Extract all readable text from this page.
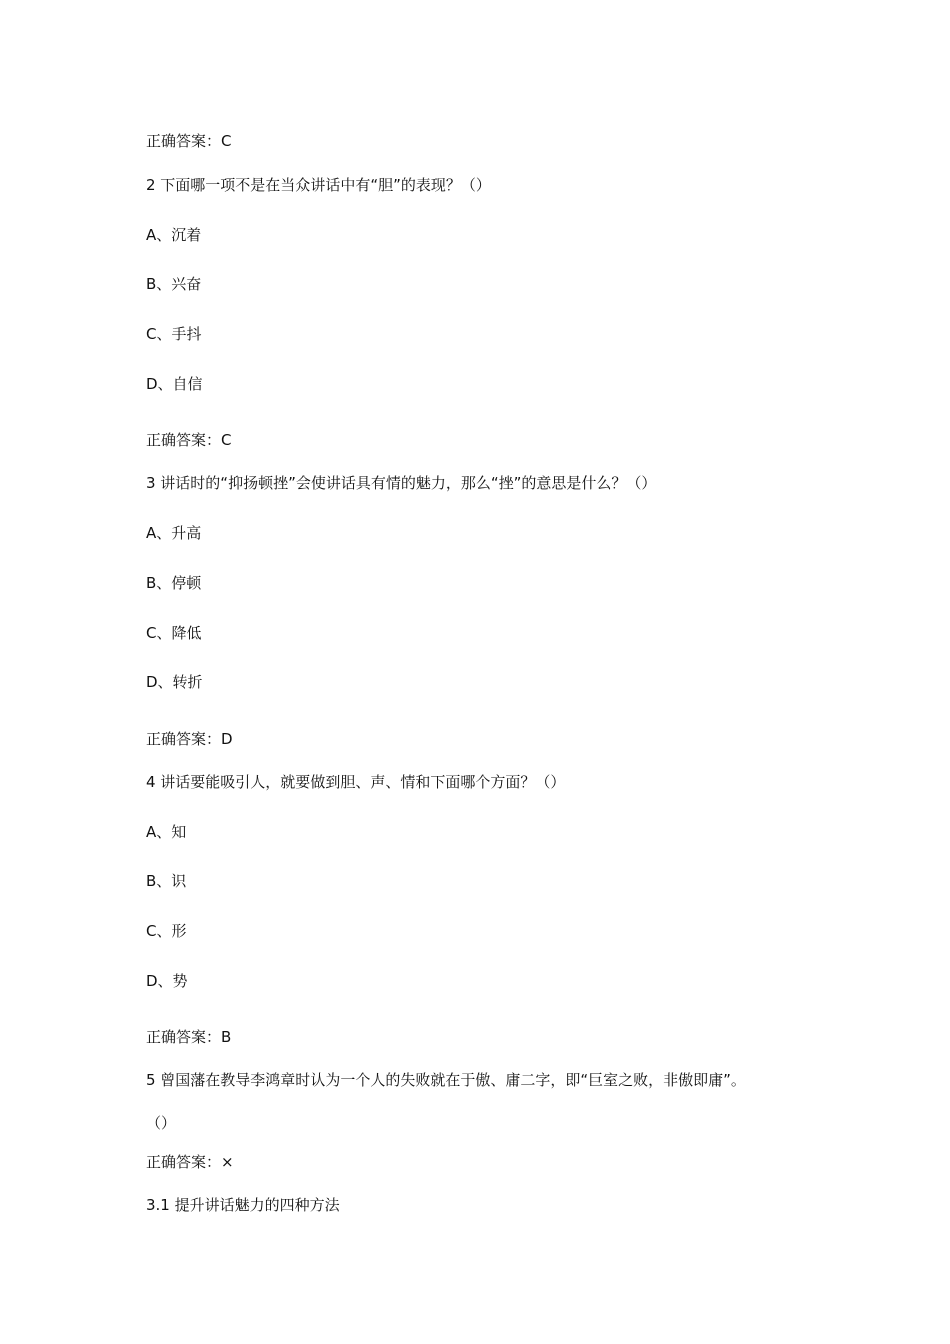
正确答案：C
2 下面哪一项不是在当众讲话中有“胆”的表现？（）
A、沉着
B、兴奋
C、手抖
D、自信
正确答案：C
3 讲话时的“抑扬顿挫”会使讲话具有情的魅力，那么“挫”的意思是什么？（）
A、升高
B、停顿
C、降低
D、转折
正确答案：D
4 讲话要能吸引人，就要做到胆、声、情和下面哪个方面？（）
A、知
B、识
C、形
D、势
正确答案：B
5 曾国藩在教导李鸿章时认为一个人的失败就在于傲、庸二字，即“巨室之败，非傲即庸”。
（）
正确答案：×
3.1 提升讲话魅力的四种方法
